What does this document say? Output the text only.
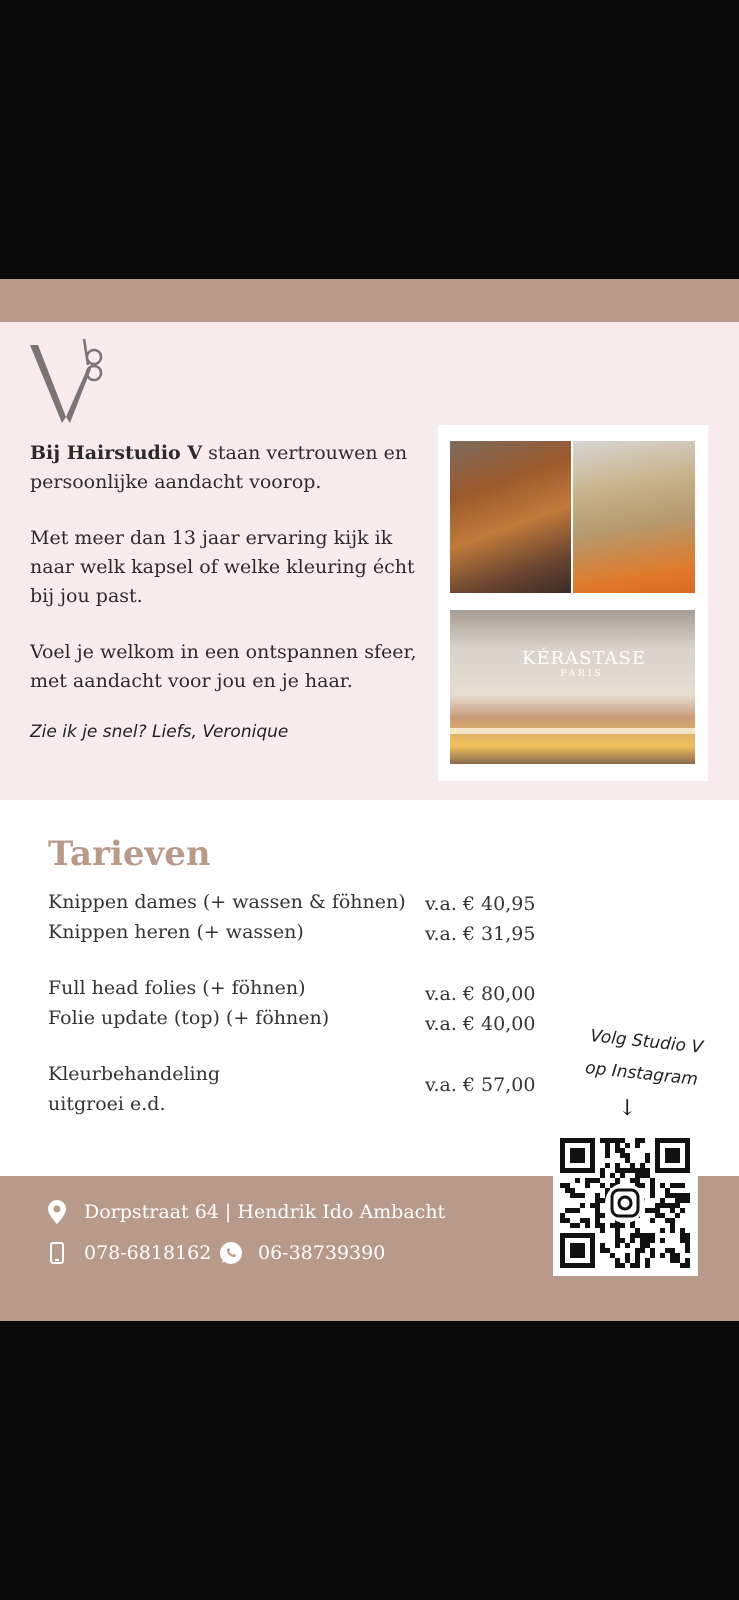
Bij Hairstudio V staan vertrouwen en persoonlijke aandacht voorop.

Met meer dan 13 jaar ervaring kijk ik naar welk kapsel of welke kleuring écht bij jou past.

Voel je welkom in een ontspannen sfeer, met aandacht voor jou en je haar.

Zie ik je snel? Liefs, Veronique
KÉRASTASE
PARIS
Tarieven
Knippen dames (+ wassen & föhnen) v.a. € 40,95
Knippen heren (+ wassen)	v.a. € 31,95
Full head folies (+ föhnen)	v.a. € 80,00
Folie update (top) (+ föhnen)	v.a. € 40,00
Kleurbehandeling
uitgroei e.d.
v.a. € 57,00
Volg Studio V
op Instagram
↓
Dorpstraat 64 | Hendrik Ido Ambacht
078-6818162 06-38739390
